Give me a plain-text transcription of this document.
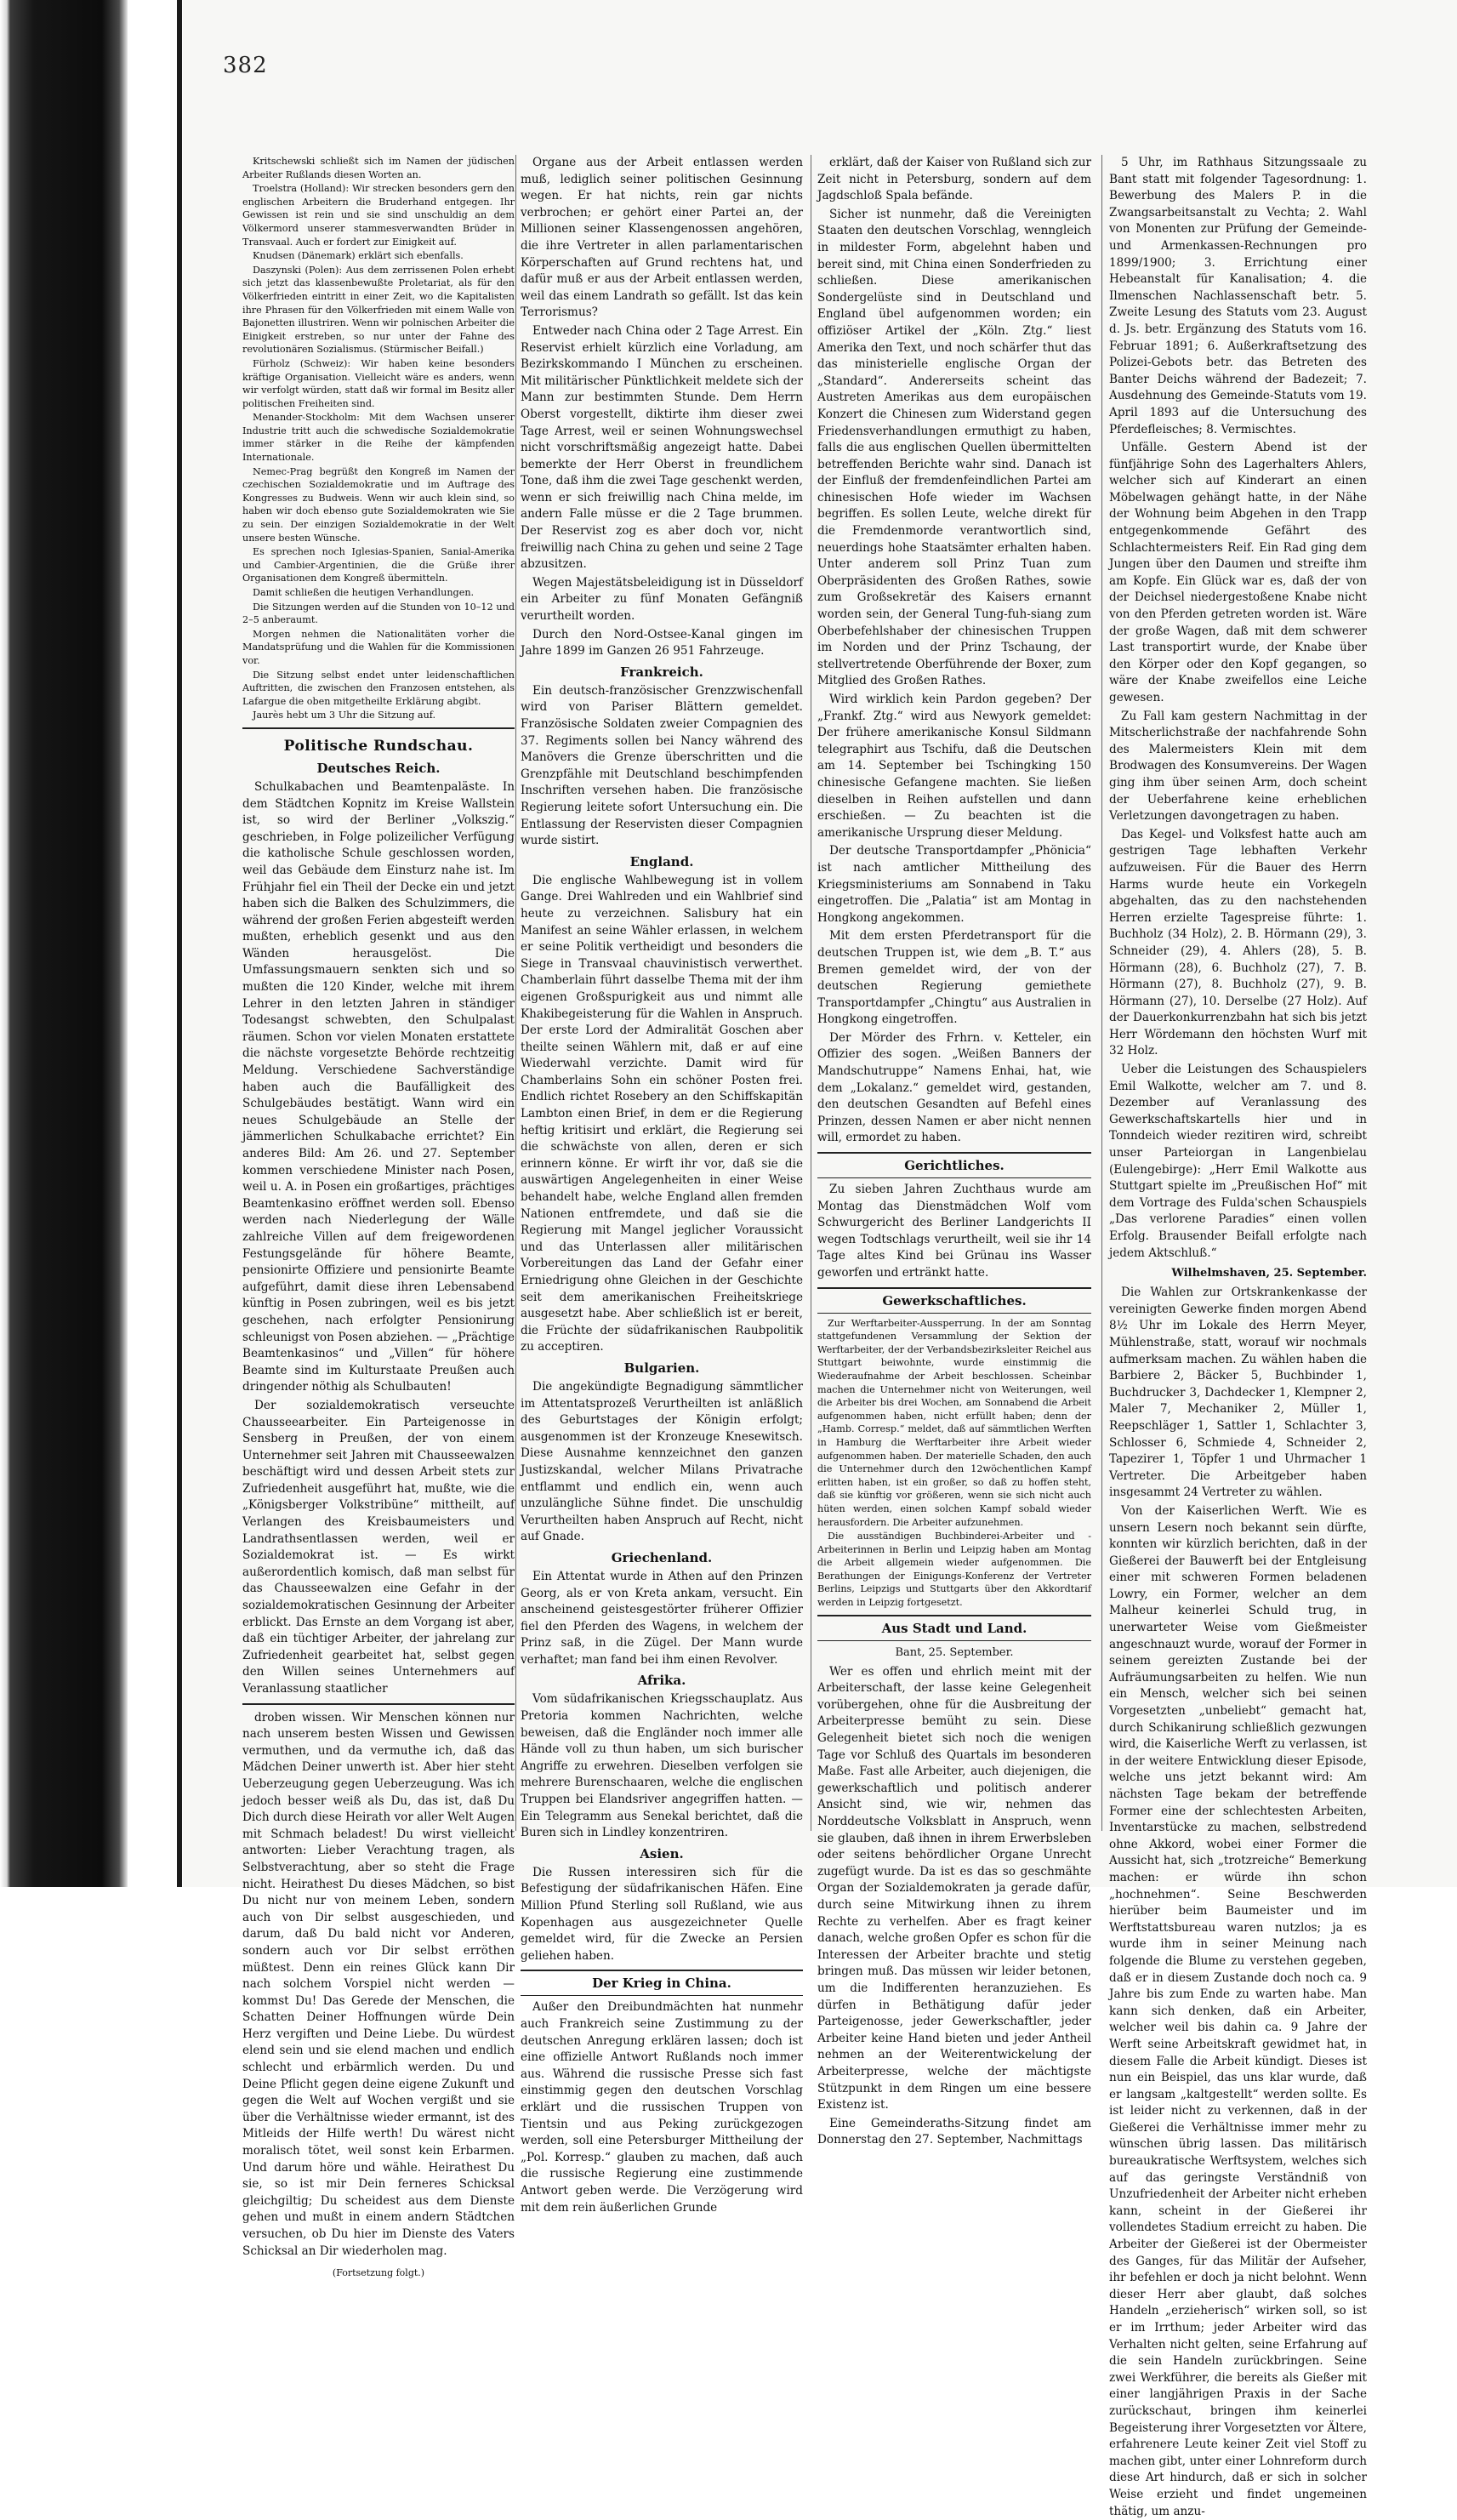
382

Kritschewski schließt sich im Namen der jüdischen Arbeiter Rußlands diesen Worten an.

Troelstra (Holland): Wir strecken besonders gern den englischen Arbeitern die Bruderhand entgegen. Ihr Gewissen ist rein und sie sind unschuldig an dem Völkermord unserer stammesverwandten Brüder in Transvaal. Auch er fordert zur Einigkeit auf.

Knudsen (Dänemark) erklärt sich ebenfalls.

Daszynski (Polen): Aus dem zerrissenen Polen erhebt sich jetzt das klassenbewußte Proletariat, als für den Völkerfrieden eintritt in einer Zeit, wo die Kapitalisten ihre Phrasen für den Völkerfrieden mit einem Walle von Bajonetten illustriren. Wenn wir polnischen Arbeiter die Einigkeit erstreben, so nur unter der Fahne des revolutionären Sozialismus. (Stürmischer Beifall.)

Fürholz (Schweiz): Wir haben keine besonders kräftige Organisation. Vielleicht wäre es anders, wenn wir verfolgt würden, statt daß wir formal im Besitz aller politischen Freiheiten sind.

Menander-Stockholm: Mit dem Wachsen unserer Industrie tritt auch die schwedische Sozialdemokratie immer stärker in die Reihe der kämpfenden Internationale.

Nemec-Prag begrüßt den Kongreß im Namen der czechischen Sozialdemokratie und im Auftrage des Kongresses zu Budweis. Wenn wir auch klein sind, so haben wir doch ebenso gute Sozialdemokraten wie Sie zu sein. Der einzigen Sozialdemokratie in der Welt unsere besten Wünsche.

Es sprechen noch Iglesias-Spanien, Sanial-Amerika und Cambier-Argentinien, die die Grüße ihrer Organisationen dem Kongreß übermitteln.

Damit schließen die heutigen Verhandlungen.

Die Sitzungen werden auf die Stunden von 10–12 und 2–5 anberaumt.

Morgen nehmen die Nationalitäten vorher die Mandatsprüfung und die Wahlen für die Kommissionen vor.

Die Sitzung selbst endet unter leidenschaftlichen Auftritten, die zwischen den Franzosen entstehen, als Lafargue die oben mitgetheilte Erklärung abgibt.

Jaurès hebt um 3 Uhr die Sitzung auf.

Politische Rundschau.
Deutsches Reich.

Schulkabachen und Beamtenpaläste. In dem Städtchen Kopnitz im Kreise Wallstein ist, so wird der Berliner „Volkszig.“ geschrieben, in Folge polizeilicher Verfügung die katholische Schule geschlossen worden, weil das Gebäude dem Einsturz nahe ist. Im Frühjahr fiel ein Theil der Decke ein und jetzt haben sich die Balken des Schulzimmers, die während der großen Ferien abgesteift werden mußten, erheblich gesenkt und aus den Wänden herausgelöst. Die Umfassungsmauern senkten sich und so mußten die 120 Kinder, welche mit ihrem Lehrer in den letzten Jahren in ständiger Todesangst schwebten, den Schulpalast räumen. Schon vor vielen Monaten erstattete die nächste vorgesetzte Behörde rechtzeitig Meldung. Verschiedene Sachverständige haben auch die Baufälligkeit des Schulgebäudes bestätigt. Wann wird ein neues Schulgebäude an Stelle der jämmerlichen Schulkabache errichtet? Ein anderes Bild: Am 26. und 27. September kommen verschiedene Minister nach Posen, weil u. A. in Posen ein großartiges, prächtiges Beamtenkasino eröffnet werden soll. Ebenso werden nach Niederlegung der Wälle zahlreiche Villen auf dem freigewordenen Festungsgelände für höhere Beamte, pensionirte Offiziere und pensionirte Beamte aufgeführt, damit diese ihren Lebensabend künftig in Posen zubringen, weil es bis jetzt geschehen, nach erfolgter Pensionirung schleunigst von Posen abziehen. — „Prächtige Beamtenkasinos“ und „Villen“ für höhere Beamte sind im Kulturstaate Preußen auch dringender nöthig als Schulbauten!

Der sozialdemokratisch verseuchte Chausseearbeiter. Ein Parteigenosse in Sensberg in Preußen, der von einem Unternehmer seit Jahren mit Chausseewalzen beschäftigt wird und dessen Arbeit stets zur Zufriedenheit ausgeführt hat, mußte, wie die „Königsberger Volkstribüne“ mittheilt, auf Verlangen des Kreisbaumeisters und Landrathsentlassen werden, weil er Sozialdemokrat ist. — Es wirkt außerordentlich komisch, daß man selbst für das Chausseewalzen eine Gefahr in der sozialdemokratischen Gesinnung der Arbeiter erblickt. Das Ernste an dem Vorgang ist aber, daß ein tüchtiger Arbeiter, der jahrelang zur Zufriedenheit gearbeitet hat, selbst gegen den Willen seines Unternehmers auf Veranlassung staatlicher

droben wissen. Wir Menschen können nur nach unserem besten Wissen und Gewissen vermuthen, und da vermuthe ich, daß das Mädchen Deiner unwerth ist. Aber hier steht Ueberzeugung gegen Ueberzeugung. Was ich jedoch besser weiß als Du, das ist, daß Du Dich durch diese Heirath vor aller Welt Augen mit Schmach beladest! Du wirst vielleicht antworten: Lieber Verachtung tragen, als Selbstverachtung, aber so steht die Frage nicht. Heirathest Du dieses Mädchen, so bist Du nicht nur von meinem Leben, sondern auch von Dir selbst ausgeschieden, und darum, daß Du bald nicht vor Anderen, sondern auch vor Dir selbst erröthen müßtest. Denn ein reines Glück kann Dir nach solchem Vorspiel nicht werden — kommst Du! Das Gerede der Menschen, die Schatten Deiner Hoffnungen würde Dein Herz vergiften und Deine Liebe. Du würdest elend sein und sie elend machen und endlich schlecht und erbärmlich werden. Du und Deine Pflicht gegen deine eigene Zukunft und gegen die Welt auf Wochen vergißt und sie über die Verhältnisse wieder ermannt, ist des Mitleids der Hilfe werth! Du wärest nicht moralisch tötet, weil sonst kein Erbarmen. Und darum höre und wähle. Heirathest Du sie, so ist mir Dein ferneres Schicksal gleichgiltig; Du scheidest aus dem Dienste gehen und mußt in einem andern Städtchen versuchen, ob Du hier im Dienste des Vaters Schicksal an Dir wiederholen mag.

(Fortsetzung folgt.)

Organe aus der Arbeit entlassen werden muß, lediglich seiner politischen Gesinnung wegen. Er hat nichts, rein gar nichts verbrochen; er gehört einer Partei an, der Millionen seiner Klassengenossen angehören, die ihre Vertreter in allen parlamentarischen Körperschaften auf Grund rechtens hat, und dafür muß er aus der Arbeit entlassen werden, weil das einem Landrath so gefällt. Ist das kein Terrorismus?

Entweder nach China oder 2 Tage Arrest. Ein Reservist erhielt kürzlich eine Vorladung, am Bezirkskommando I München zu erscheinen. Mit militärischer Pünktlichkeit meldete sich der Mann zur bestimmten Stunde. Dem Herrn Oberst vorgestellt, diktirte ihm dieser zwei Tage Arrest, weil er seinen Wohnungswechsel nicht vorschriftsmäßig angezeigt hatte. Dabei bemerkte der Herr Oberst in freundlichem Tone, daß ihm die zwei Tage geschenkt werden, wenn er sich freiwillig nach China melde, im andern Falle müsse er die 2 Tage brummen. Der Reservist zog es aber doch vor, nicht freiwillig nach China zu gehen und seine 2 Tage abzusitzen.

Wegen Majestätsbeleidigung ist in Düsseldorf ein Arbeiter zu fünf Monaten Gefängniß verurtheilt worden.

Durch den Nord-Ostsee-Kanal gingen im Jahre 1899 im Ganzen 26 951 Fahrzeuge.

Frankreich.

Ein deutsch-französischer Grenzzwischenfall wird von Pariser Blättern gemeldet. Französische Soldaten zweier Compagnien des 37. Regiments sollen bei Nancy während des Manövers die Grenze überschritten und die Grenzpfähle mit Deutschland beschimpfenden Inschriften versehen haben. Die französische Regierung leitete sofort Untersuchung ein. Die Entlassung der Reservisten dieser Compagnien wurde sistirt.

England.

Die englische Wahlbewegung ist in vollem Gange. Drei Wahlreden und ein Wahlbrief sind heute zu verzeichnen. Salisbury hat ein Manifest an seine Wähler erlassen, in welchem er seine Politik vertheidigt und besonders die Siege in Transvaal chauvinistisch verwerthet. Chamberlain führt dasselbe Thema mit der ihm eigenen Großspurigkeit aus und nimmt alle Khakibegeisterung für die Wahlen in Anspruch. Der erste Lord der Admiralität Goschen aber theilte seinen Wählern mit, daß er auf eine Wiederwahl verzichte. Damit wird für Chamberlains Sohn ein schöner Posten frei. Endlich richtet Rosebery an den Schiffskapitän Lambton einen Brief, in dem er die Regierung heftig kritisirt und erklärt, die Regierung sei die schwächste von allen, deren er sich erinnern könne. Er wirft ihr vor, daß sie die auswärtigen Angelegenheiten in einer Weise behandelt habe, welche England allen fremden Nationen entfremdete, und daß sie die Regierung mit Mangel jeglicher Voraussicht und das Unterlassen aller militärischen Vorbereitungen das Land der Gefahr einer Erniedrigung ohne Gleichen in der Geschichte seit dem amerikanischen Freiheitskriege ausgesetzt habe. Aber schließlich ist er bereit, die Früchte der südafrikanischen Raubpolitik zu acceptiren.

Bulgarien.

Die angekündigte Begnadigung sämmtlicher im Attentatsprozeß Verurtheilten ist anläßlich des Geburtstages der Königin erfolgt; ausgenommen ist der Kronzeuge Knesewitsch. Diese Ausnahme kennzeichnet den ganzen Justizskandal, welcher Milans Privatrache entflammt und endlich ein, wenn auch unzulängliche Sühne findet. Die unschuldig Verurtheilten haben Anspruch auf Recht, nicht auf Gnade.

Griechenland.

Ein Attentat wurde in Athen auf den Prinzen Georg, als er von Kreta ankam, versucht. Ein anscheinend geistesgestörter früherer Offizier fiel den Pferden des Wagens, in welchem der Prinz saß, in die Zügel. Der Mann wurde verhaftet; man fand bei ihm einen Revolver.

Afrika.

Vom südafrikanischen Kriegsschauplatz. Aus Pretoria kommen Nachrichten, welche beweisen, daß die Engländer noch immer alle Hände voll zu thun haben, um sich burischer Angriffe zu erwehren. Dieselben verfolgen sie mehrere Burenschaaren, welche die englischen Truppen bei Elandsriver angegriffen hatten. — Ein Telegramm aus Senekal berichtet, daß die Buren sich in Lindley konzentriren.

Asien.

Die Russen interessiren sich für die Befestigung der südafrikanischen Häfen. Eine Million Pfund Sterling soll Rußland, wie aus Kopenhagen aus ausgezeichneter Quelle gemeldet wird, für die Zwecke an Persien geliehen haben.

Der Krieg in China.

Außer den Dreibundmächten hat nunmehr auch Frankreich seine Zustimmung zu der deutschen Anregung erklären lassen; doch ist eine offizielle Antwort Rußlands noch immer aus. Während die russische Presse sich fast einstimmig gegen den deutschen Vorschlag erklärt und die russischen Truppen von Tientsin und aus Peking zurückgezogen werden, soll eine Petersburger Mittheilung der „Pol. Korresp.“ glauben zu machen, daß auch die russische Regierung eine zustimmende Antwort geben werde. Die Verzögerung wird mit dem rein äußerlichen Grunde

erklärt, daß der Kaiser von Rußland sich zur Zeit nicht in Petersburg, sondern auf dem Jagdschloß Spala befände.

Sicher ist nunmehr, daß die Vereinigten Staaten den deutschen Vorschlag, wenngleich in mildester Form, abgelehnt haben und bereit sind, mit China einen Sonderfrieden zu schließen. Diese amerikanischen Sondergelüste sind in Deutschland und England übel aufgenommen worden; ein offiziöser Artikel der „Köln. Ztg.“ liest Amerika den Text, und noch schärfer thut das das ministerielle englische Organ der „Standard“. Andererseits scheint das Austreten Amerikas aus dem europäischen Konzert die Chinesen zum Widerstand gegen Friedensverhandlungen ermuthigt zu haben, falls die aus englischen Quellen übermittelten betreffenden Berichte wahr sind. Danach ist der Einfluß der fremdenfeindlichen Partei am chinesischen Hofe wieder im Wachsen begriffen. Es sollen Leute, welche direkt für die Fremdenmorde verantwortlich sind, neuerdings hohe Staatsämter erhalten haben. Unter anderem soll Prinz Tuan zum Oberpräsidenten des Großen Rathes, sowie zum Großsekretär des Kaisers ernannt worden sein, der General Tung-fuh-siang zum Oberbefehlshaber der chinesischen Truppen im Norden und der Prinz Tschaung, der stellvertretende Oberführende der Boxer, zum Mitglied des Großen Rathes.

Wird wirklich kein Pardon gegeben? Der „Frankf. Ztg.“ wird aus Newyork gemeldet: Der frühere amerikanische Konsul Sildmann telegraphirt aus Tschifu, daß die Deutschen am 14. September bei Tschingking 150 chinesische Gefangene machten. Sie ließen dieselben in Reihen aufstellen und dann erschießen. — Zu beachten ist die amerikanische Ursprung dieser Meldung.

Der deutsche Transportdampfer „Phönicia“ ist nach amtlicher Mittheilung des Kriegsministeriums am Sonnabend in Taku eingetroffen. Die „Palatia“ ist am Montag in Hongkong angekommen.

Mit dem ersten Pferdetransport für die deutschen Truppen ist, wie dem „B. T.“ aus Bremen gemeldet wird, der von der deutschen Regierung gemiethete Transportdampfer „Chingtu“ aus Australien in Hongkong eingetroffen.

Der Mörder des Frhrn. v. Ketteler, ein Offizier des sogen. „Weißen Banners der Mandschutruppe“ Namens Enhai, hat, wie dem „Lokalanz.“ gemeldet wird, gestanden, den deutschen Gesandten auf Befehl eines Prinzen, dessen Namen er aber nicht nennen will, ermordet zu haben.

Gerichtliches.

Zu sieben Jahren Zuchthaus wurde am Montag das Dienstmädchen Wolf vom Schwurgericht des Berliner Landgerichts II wegen Todtschlags verurtheilt, weil sie ihr 14 Tage altes Kind bei Grünau ins Wasser geworfen und ertränkt hatte.

Gewerkschaftliches.

Zur Werftarbeiter-Aussperrung. In der am Sonntag stattgefundenen Versammlung der Sektion der Werftarbeiter, der der Verbandsbezirksleiter Reichel aus Stuttgart beiwohnte, wurde einstimmig die Wiederaufnahme der Arbeit beschlossen. Scheinbar machen die Unternehmer nicht von Weiterungen, weil die Arbeiter bis drei Wochen, am Sonnabend die Arbeit aufgenommen haben, nicht erfüllt haben; denn der „Hamb. Corresp.“ meldet, daß auf sämmtlichen Werften in Hamburg die Werftarbeiter ihre Arbeit wieder aufgenommen haben. Der materielle Schaden, den auch die Unternehmer durch den 12wöchentlichen Kampf erlitten haben, ist ein großer, so daß zu hoffen steht, daß sie künftig vor größeren, wenn sie sich nicht auch hüten werden, einen solchen Kampf sobald wieder herausfordern. Die Arbeiter aufzunehmen.

Die ausständigen Buchbinderei-Arbeiter und -Arbeiterinnen in Berlin und Leipzig haben am Montag die Arbeit allgemein wieder aufgenommen. Die Berathungen der Einigungs-Konferenz der Vertreter Berlins, Leipzigs und Stuttgarts über den Akkordtarif werden in Leipzig fortgesetzt.

Aus Stadt und Land.
Bant, 25. September.

Wer es offen und ehrlich meint mit der Arbeiterschaft, der lasse keine Gelegenheit vorübergehen, ohne für die Ausbreitung der Arbeiterpresse bemüht zu sein. Diese Gelegenheit bietet sich noch die wenigen Tage vor Schluß des Quartals im besonderen Maße. Fast alle Arbeiter, auch diejenigen, die gewerkschaftlich und politisch anderer Ansicht sind, wie wir, nehmen das Norddeutsche Volksblatt in Anspruch, wenn sie glauben, daß ihnen in ihrem Erwerbsleben oder seitens behördlicher Organe Unrecht zugefügt wurde. Da ist es das so geschmähte Organ der Sozialdemokraten ja gerade dafür, durch seine Mitwirkung ihnen zu ihrem Rechte zu verhelfen. Aber es fragt keiner danach, welche großen Opfer es schon für die Interessen der Arbeiter brachte und stetig bringen muß. Das müssen wir leider betonen, um die Indifferenten heranzuziehen. Es dürfen in Bethätigung dafür jeder Parteigenosse, jeder Gewerkschaftler, jeder Arbeiter keine Hand bieten und jeder Antheil nehmen an der Weiterentwickelung der Arbeiterpresse, welche der mächtigste Stützpunkt in dem Ringen um eine bessere Existenz ist.

Eine Gemeinderaths-Sitzung findet am Donnerstag den 27. September, Nachmittags

5 Uhr, im Rathhaus Sitzungssaale zu Bant statt mit folgender Tagesordnung: 1. Bewerbung des Malers P. in die Zwangsarbeitsanstalt zu Vechta; 2. Wahl von Monenten zur Prüfung der Gemeinde- und Armenkassen-Rechnungen pro 1899/1900; 3. Errichtung einer Hebeanstalt für Kanalisation; 4. die Ilmenschen Nachlassenschaft betr. 5. Zweite Lesung des Statuts vom 23. August d. Js. betr. Ergänzung des Statuts vom 16. Februar 1891; 6. Außerkraftsetzung des Polizei-Gebots betr. das Betreten des Banter Deichs während der Badezeit; 7. Ausdehnung des Gemeinde-Statuts vom 19. April 1893 auf die Untersuchung des Pferdefleisches; 8. Vermischtes.

Unfälle. Gestern Abend ist der fünfjährige Sohn des Lagerhalters Ahlers, welcher sich auf Kinderart an einen Möbelwagen gehängt hatte, in der Nähe der Wohnung beim Abgehen in den Trapp entgegenkommende Gefährt des Schlachtermeisters Reif. Ein Rad ging dem Jungen über den Daumen und streifte ihm am Kopfe. Ein Glück war es, daß der von der Deichsel niedergestoßene Knabe nicht von den Pferden getreten worden ist. Wäre der große Wagen, daß mit dem schwerer Last transportirt wurde, der Knabe über den Körper oder den Kopf gegangen, so wäre der Knabe zweifellos eine Leiche gewesen.

Zu Fall kam gestern Nachmittag in der Mitscherlichstraße der nachfahrende Sohn des Malermeisters Klein mit dem Brodwagen des Konsumvereins. Der Wagen ging ihm über seinen Arm, doch scheint der Ueberfahrene keine erheblichen Verletzungen davongetragen zu haben.

Das Kegel- und Volksfest hatte auch am gestrigen Tage lebhaften Verkehr aufzuweisen. Für die Bauer des Herrn Harms wurde heute ein Vorkegeln abgehalten, das zu den nachstehenden Herren erzielte Tagespreise führte: 1. Buchholz (34 Holz), 2. B. Hörmann (29), 3. Schneider (29), 4. Ahlers (28), 5. B. Hörmann (28), 6. Buchholz (27), 7. B. Hörmann (27), 8. Buchholz (27), 9. B. Hörmann (27), 10. Derselbe (27 Holz). Auf der Dauerkonkurrenzbahn hat sich bis jetzt Herr Wördemann den höchsten Wurf mit 32 Holz.

Ueber die Leistungen des Schauspielers Emil Walkotte, welcher am 7. und 8. Dezember auf Veranlassung des Gewerkschaftskartells hier und in Tonndeich wieder rezitiren wird, schreibt unser Parteiorgan in Langenbielau (Eulengebirge): „Herr Emil Walkotte aus Stuttgart spielte im „Preußischen Hof“ mit dem Vortrage des Fulda'schen Schauspiels „Das verlorene Paradies“ einen vollen Erfolg. Brausender Beifall erfolgte nach jedem Aktschluß.“

Wilhelmshaven, 25. September.

Die Wahlen zur Ortskrankenkasse der vereinigten Gewerke finden morgen Abend 8½ Uhr im Lokale des Herrn Meyer, Mühlenstraße, statt, worauf wir nochmals aufmerksam machen. Zu wählen haben die Barbiere 2, Bäcker 5, Buchbinder 1, Buchdrucker 3, Dachdecker 1, Klempner 2, Maler 7, Mechaniker 2, Müller 1, Reepschläger 1, Sattler 1, Schlachter 3, Schlosser 6, Schmiede 4, Schneider 2, Tapezirer 1, Töpfer 1 und Uhrmacher 1 Vertreter. Die Arbeitgeber haben insgesammt 24 Vertreter zu wählen.

Von der Kaiserlichen Werft. Wie es unsern Lesern noch bekannt sein dürfte, konnten wir kürzlich berichten, daß in der Gießerei der Bauwerft bei der Entgleisung einer mit schweren Formen beladenen Lowry, ein Former, welcher an dem Malheur keinerlei Schuld trug, in unerwarteter Weise vom Gießmeister angeschnauzt wurde, worauf der Former in seinem gereizten Zustande bei der Aufräumungsarbeiten zu helfen. Wie nun ein Mensch, welcher sich bei seinen Vorgesetzten „unbeliebt“ gemacht hat, durch Schikanirung schließlich gezwungen wird, die Kaiserliche Werft zu verlassen, ist in der weitere Entwicklung dieser Episode, welche uns jetzt bekannt wird: Am nächsten Tage bekam der betreffende Former eine der schlechtesten Arbeiten, Inventarstücke zu machen, selbstredend ohne Akkord, wobei einer Former die Aussicht hat, sich „trotzreiche“ Bemerkung machen: er würde ihn schon „hochnehmen“. Seine Beschwerden hierüber beim Baumeister und im Werftstattsbureau waren nutzlos; ja es wurde ihm in seiner Meinung nach folgende die Blume zu verstehen gegeben, daß er in diesem Zustande doch noch ca. 9 Jahre bis zum Ende zu warten habe. Man kann sich denken, daß ein Arbeiter, welcher weil bis dahin ca. 9 Jahre der Werft seine Arbeitskraft gewidmet hat, in diesem Falle die Arbeit kündigt. Dieses ist nun ein Beispiel, das uns klar wurde, daß er langsam „kaltgestellt“ werden sollte. Es ist leider nicht zu verkennen, daß in der Gießerei die Verhältnisse immer mehr zu wünschen übrig lassen. Das militärisch bureaukratische Werftsystem, welches sich auf das geringste Verständniß von Unzufriedenheit der Arbeiter nicht erheben kann, scheint in der Gießerei ihr vollendetes Stadium erreicht zu haben. Die Arbeiter der Gießerei ist der Obermeister des Ganges, für das Militär der Aufseher, ihr befehlen er doch ja nicht belohnt. Wenn dieser Herr aber glaubt, daß solches Handeln „erzieherisch“ wirken soll, so ist er im Irrthum; jeder Arbeiter wird das Verhalten nicht gelten, seine Erfahrung auf die sein Handeln zurückbringen. Seine zwei Werkführer, die bereits als Gießer mit einer langjährigen Praxis in der Sache zurückschaut, bringen ihm keinerlei Begeisterung ihrer Vorgesetzten vor Ältere, erfahrenere Leute keiner Zeit viel Stoff zu machen gibt, unter einer Lohnreform durch diese Art hindurch, daß er sich in solcher Weise erzieht und findet ungemeinen thätig, um anzu-
